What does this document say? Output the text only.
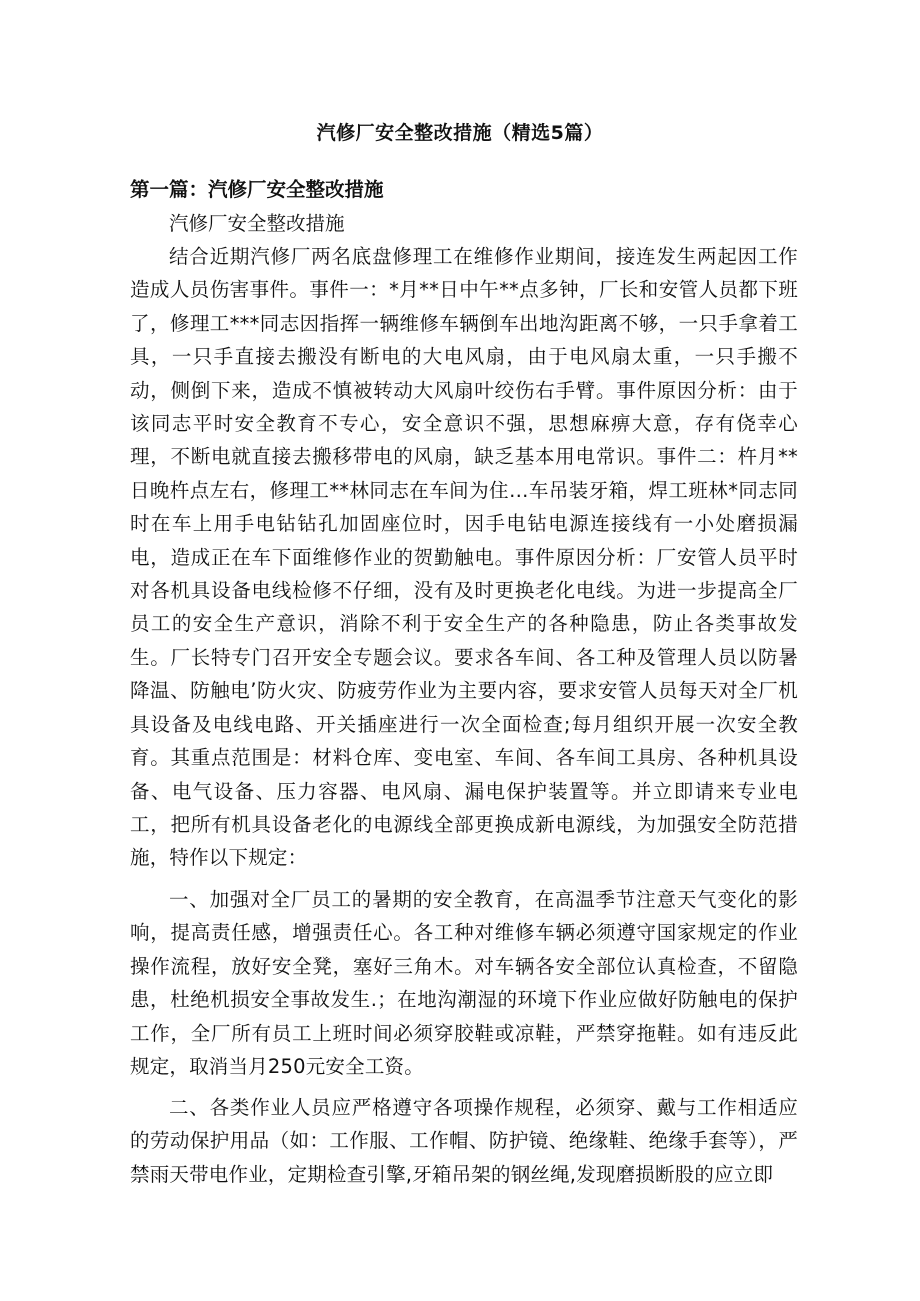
汽修厂安全整改措施（精选5篇）
第一篇：汽修厂安全整改措施
汽修厂安全整改措施

结合近期汽修厂两名底盘修理工在维修作业期间，接连发生两起因工作造成人员伤害事件。事件一：*月**日中午**点多钟，厂长和安管人员都下班了，修理工***同志因指挥一辆维修车辆倒车出地沟距离不够，一只手拿着工具，一只手直接去搬没有断电的大电风扇，由于电风扇太重，一只手搬不动，侧倒下来，造成不慎被转动大风扇叶绞伤右手臂。事件原因分析：由于该同志平时安全教育不专心，安全意识不强，思想麻痹大意，存有侥幸心理，不断电就直接去搬移带电的风扇，缺乏基本用电常识。事件二：杵月**日晚杵点左右，修理工**林同志在车间为住…车吊装牙箱，焊工班林*同志同时在车上用手电钻钻孔加固座位时，因手电钻电源连接线有一小处磨损漏电，造成正在车下面维修作业的贺勤触电。事件原因分析：厂安管人员平时对各机具设备电线检修不仔细，没有及时更换老化电线。为进一步提高全厂员工的安全生产意识，消除不利于安全生产的各种隐患，防止各类事故发生。厂长特专门召开安全专题会议。要求各车间、各工种及管理人员以防暑降温、防触电’防火灾、防疲劳作业为主要内容，要求安管人员每天对全厂机具设备及电线电路、开关插座进行一次全面检查;每月组织开展一次安全教育。其重点范围是：材料仓库、变电室、车间、各车间工具房、各种机具设备、电气设备、压力容器、电风扇、漏电保护装置等。并立即请来专业电工，把所有机具设备老化的电源线全部更换成新电源线，为加强安全防范措施，特作以下规定：

一、加强对全厂员工的暑期的安全教育，在高温季节注意天气变化的影响，提高责任感，增强责任心。各工种对维修车辆必须遵守国家规定的作业操作流程，放好安全凳，塞好三角木。对车辆各安全部位认真检查，不留隐患，杜绝机损安全事故发生.；在地沟潮湿的环境下作业应做好防触电的保护工作，全厂所有员工上班时间必须穿胶鞋或凉鞋，严禁穿拖鞋。如有违反此规定，取消当月250元安全工资。

二、各类作业人员应严格遵守各项操作规程，必须穿、戴与工作相适应的劳动保护用品（如：工作服、工作帽、防护镜、绝缘鞋、绝缘手套等），严禁雨天带电作业，定期检查引擎,牙箱吊架的钢丝绳,发现磨损断股的应立即
